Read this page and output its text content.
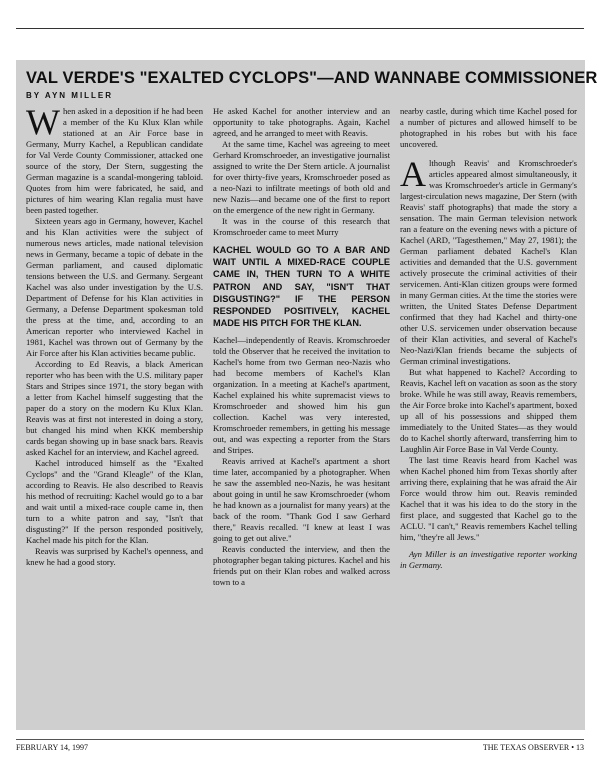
VAL VERDE'S "EXALTED CYCLOPS"—AND WANNABE COMMISSIONER
BY AYN MILLER

When asked in a deposition if he had been a member of the Ku Klux Klan while stationed at an Air Force base in Germany, Murry Kachel, a Republican candidate for Val Verde County Commissioner, attacked one source of the story, Der Stern, suggesting the German magazine is a scandal-mongering tabloid. Quotes from him were fabricated, he said, and pictures of him wearing Klan regalia must have been pasted together.

Sixteen years ago in Germany, however, Kachel and his Klan activities were the subject of numerous news articles, made national television news in Germany, became a topic of debate in the German parliament, and caused diplomatic tensions between the U.S. and Germany. Sergeant Kachel was also under investigation by the U.S. Department of Defense for his Klan activities in Germany, a Defense Department spokesman told the press at the time, and, according to an American reporter who interviewed Kachel in 1981, Kachel was thrown out of Germany by the Air Force after his Klan activities became public.

According to Ed Reavis, a black American reporter who has been with the U.S. military paper Stars and Stripes since 1971, the story began with a letter from Kachel himself suggesting that the paper do a story on the modern Ku Klux Klan. Reavis was at first not interested in doing a story, but changed his mind when KKK membership cards began showing up in base snack bars. Reavis asked Kachel for an interview, and Kachel agreed.

Kachel introduced himself as the "Exalted Cyclops" and the "Grand Kleagle" of the Klan, according to Reavis. He also described to Reavis his method of recruiting: Kachel would go to a bar and wait until a mixed-race couple came in, then turn to a white patron and say, "Isn't that disgusting?" If the person responded positively, Kachel made his pitch for the Klan.

Reavis was surprised by Kachel's openness, and knew he had a good story.

He asked Kachel for another interview and an opportunity to take photographs. Again, Kachel agreed, and he arranged to meet with Reavis.

At the same time, Kachel was agreeing to meet Gerhard Kromschroeder, an investigative journalist assigned to write the Der Stern article. A journalist for over thirty-five years, Kromschroeder posed as a neo-Nazi to infiltrate meetings of both old and new Nazis—and became one of the first to report on the emergence of the new right in Germany.

It was in the course of this research that Kromschroeder came to meet Murry

KACHEL WOULD GO TO A BAR AND WAIT UNTIL A MIXED-RACE COUPLE CAME IN, THEN TURN TO A WHITE PATRON AND SAY, "ISN'T THAT DISGUSTING?" IF THE PERSON RESPONDED POSITIVELY, KACHEL MADE HIS PITCH FOR THE KLAN.

Kachel—independently of Reavis. Kromschroeder told the Observer that he received the invitation to Kachel's home from two German neo-Nazis who had become members of Kachel's Klan organization. In a meeting at Kachel's apartment, Kachel explained his white supremacist views to Kromschroeder and showed him his gun collection. Kachel was very interested, Kromschroeder remembers, in getting his message out, and was expecting a reporter from the Stars and Stripes.

Reavis arrived at Kachel's apartment a short time later, accompanied by a photographer. When he saw the assembled neo-Nazis, he was hesitant about going in until he saw Kromschroeder (whom he had known as a journalist for many years) at the back of the room. "Thank God I saw Gerhard there," Reavis recalled. "I knew at least I was going to get out alive."

Reavis conducted the interview, and then the photographer began taking pictures. Kachel and his friends put on their Klan robes and walked across town to a

nearby castle, during which time Kachel posed for a number of pictures and allowed himself to be photographed in his robes but with his face uncovered.

Although Reavis' and Kromschroeder's articles appeared almost simultaneously, it was Kromschroeder's article in Germany's largest-circulation news magazine, Der Stern (with Reavis' staff photographs) that made the story a sensation. The main German television network ran a feature on the evening news with a picture of Kachel (ARD, "Tagesthemen," May 27, 1981); the German parliament debated Kachel's Klan activities and demanded that the U.S. government actively prosecute the criminal activities of their servicemen. Anti-Klan citizen groups were formed in many German cities. At the time the stories were written, the United States Defense Department confirmed that they had Kachel and thirty-one other U.S. servicemen under observation because of their Klan activities, and several of Kachel's Neo-Nazi/Klan friends became the subjects of German criminal investigations.

But what happened to Kachel? According to Reavis, Kachel left on vacation as soon as the story broke. While he was still away, Reavis remembers, the Air Force broke into Kachel's apartment, boxed up all of his possessions and shipped them immediately to the United States—as they would do to Kachel shortly afterward, transferring him to Laughlin Air Force Base in Val Verde County.

The last time Reavis heard from Kachel was when Kachel phoned him from Texas shortly after arriving there, explaining that he was afraid the Air Force would throw him out. Reavis reminded Kachel that it was his idea to do the story in the first place, and suggested that Kachel go to the ACLU. "I can't," Reavis remembers Kachel telling him, "they're all Jews."

Ayn Miller is an investigative reporter working in Germany.

FEBRUARY 14, 1997	THE TEXAS OBSERVER • 13
